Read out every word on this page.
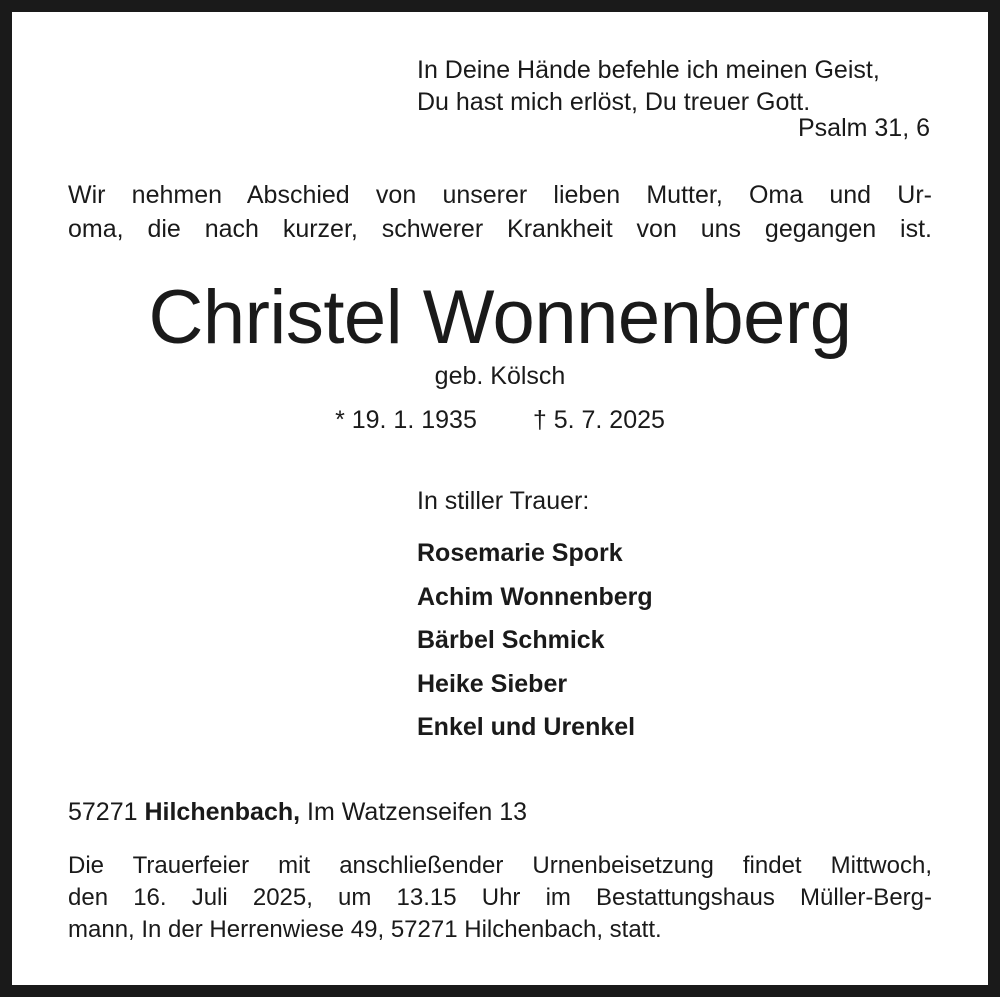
In Deine Hände befehle ich meinen Geist,
Du hast mich erlöst, Du treuer Gott.
Psalm 31, 6
Wir nehmen Abschied von unserer lieben Mutter, Oma und Ur-
oma, die nach kurzer, schwerer Krankheit von uns gegangen ist.
Christel Wonnenberg
geb. Kölsch
* 19. 1. 1935 † 5. 7. 2025
In stiller Trauer:
Rosemarie Spork
Achim Wonnenberg
Bärbel Schmick
Heike Sieber
Enkel und Urenkel
57271 Hilchenbach, Im Watzenseifen 13
Die Trauerfeier mit anschließender Urnenbeisetzung findet Mittwoch,
den 16. Juli 2025, um 13.15 Uhr im Bestattungshaus Müller-Berg-
mann, In der Herrenwiese 49, 57271 Hilchenbach, statt.
